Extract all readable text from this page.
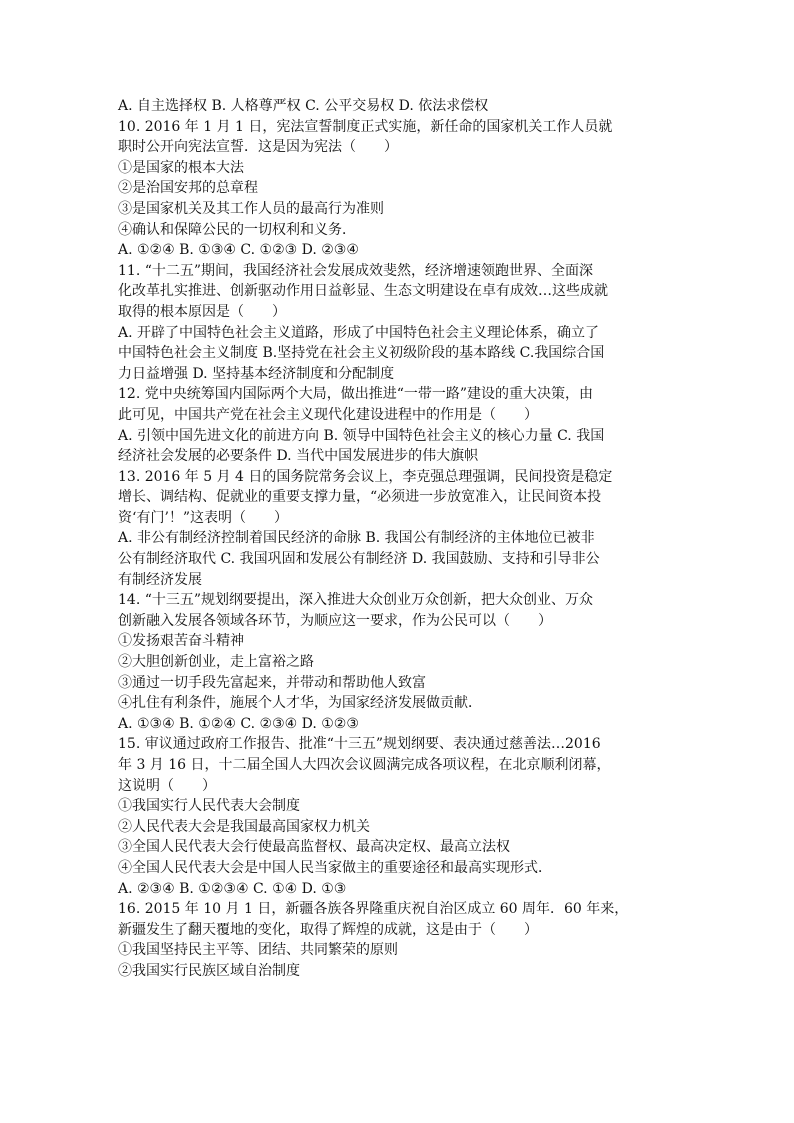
A. 自主选择权 B. 人格尊严权 C. 公平交易权 D. 依法求偿权
10. 2016 年 1 月 1 日，宪法宣誓制度正式实施，新任命的国家机关工作人员就
职时公开向宪法宣誓．这是因为宪法（　　）
①是国家的根本大法
②是治国安邦的总章程
③是国家机关及其工作人员的最高行为准则
④确认和保障公民的一切权利和义务．
A. ①②④ B. ①③④ C. ①②③ D. ②③④
11. “十二五”期间，我国经济社会发展成效斐然，经济增速领跑世界、全面深
化改革扎实推进、创新驱动作用日益彰显、生态文明建设在卓有成效…这些成就
取得的根本原因是（　　）
A. 开辟了中国特色社会主义道路，形成了中国特色社会主义理论体系，确立了
中国特色社会主义制度 B.坚持党在社会主义初级阶段的基本路线 C.我国综合国
力日益增强 D. 坚持基本经济制度和分配制度
12. 党中央统筹国内国际两个大局，做出推进“一带一路”建设的重大决策，由
此可见，中国共产党在社会主义现代化建设进程中的作用是（　　）
A. 引领中国先进文化的前进方向 B. 领导中国特色社会主义的核心力量 C. 我国
经济社会发展的必要条件 D. 当代中国发展进步的伟大旗帜
13. 2016 年 5 月 4 日的国务院常务会议上，李克强总理强调，民间投资是稳定
增长、调结构、促就业的重要支撑力量，“必须进一步放宽准入，让民间资本投
资‘有门’！”这表明（　　）
A. 非公有制经济控制着国民经济的命脉 B. 我国公有制经济的主体地位已被非
公有制经济取代 C. 我国巩固和发展公有制经济 D. 我国鼓励、支持和引导非公
有制经济发展
14. “十三五”规划纲要提出，深入推进大众创业万众创新，把大众创业、万众
创新融入发展各领域各环节，为顺应这一要求，作为公民可以（　　）
①发扬艰苦奋斗精神
②大胆创新创业，走上富裕之路
③通过一切手段先富起来，并带动和帮助他人致富
④扎住有利条件，施展个人才华，为国家经济发展做贡献．
A. ①③④ B. ①②④ C. ②③④ D. ①②③
15. 审议通过政府工作报告、批准“十三五”规划纲要、表决通过慈善法…2016
年 3 月 16 日，十二届全国人大四次会议圆满完成各项议程，在北京顺利闭幕，
这说明（　　）
①我国实行人民代表大会制度
②人民代表大会是我国最高国家权力机关
③全国人民代表大会行使最高监督权、最高决定权、最高立法权
④全国人民代表大会是中国人民当家做主的重要途径和最高实现形式．
A. ②③④ B. ①②③④ C. ①④ D. ①③
16. 2015 年 10 月 1 日，新疆各族各界隆重庆祝自治区成立 60 周年．60 年来，
新疆发生了翻天覆地的变化，取得了辉煌的成就，这是由于（　　）
①我国坚持民主平等、团结、共同繁荣的原则
②我国实行民族区域自治制度
